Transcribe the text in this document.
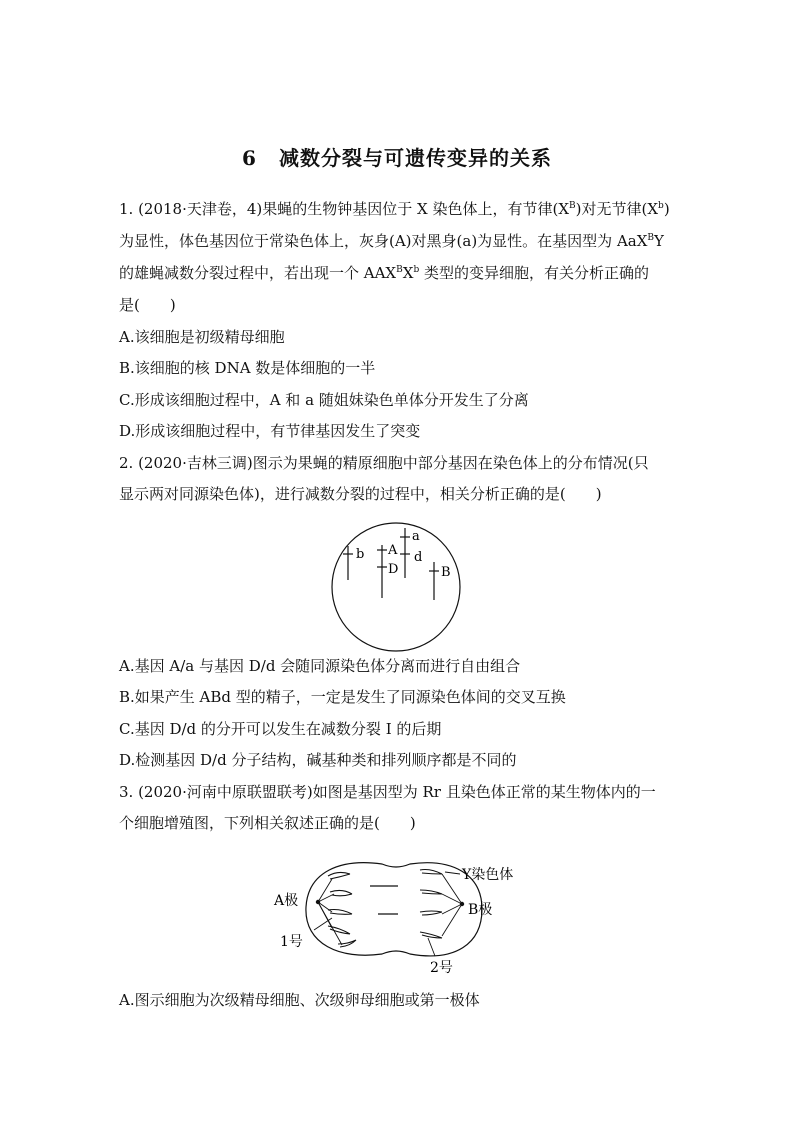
6 减数分裂与可遗传变异的关系
1. (2018·天津卷，4)果蝇的生物钟基因位于 X 染色体上，有节律$(X^B)$对无节律$(X^b)$
为显性，体色基因位于常染色体上，灰身(A)对黑身(a)为显性。在基因型为 AaX$^B$Y
的雄蝇减数分裂过程中，若出现一个 $AAX^BX^b$ 类型的变异细胞，有关分析正确的
是(　　)
A.该细胞是初级精母细胞
B.该细胞的核 DNA 数是体细胞的一半
C.形成该细胞过程中，A 和 a 随姐妹染色单体分开发生了分离
D.形成该细胞过程中，有节律基因发生了突变
2. (2020·吉林三调)图示为果蝇的精原细胞中部分基因在染色体上的分布情况(只
显示两对同源染色体)，进行减数分裂的过程中，相关分析正确的是(　　)
b A
D
a
d
B
A.基因 A/a 与基因 D/d 会随同源染色体分离而进行自由组合
B.如果产生 ABd 型的精子，一定是发生了同源染色体间的交叉互换
C.基因 D/d 的分开可以发生在减数分裂 Ⅰ 的后期
D.检测基因 D/d 分子结构，碱基种类和排列顺序都是不同的
3. (2020·河南中原联盟联考)如图是基因型为 Rr 且染色体正常的某生物体内的一
个细胞增殖图，下列相关叙述正确的是(　　)
Y染色体
A极
B极
1号
2号
A.图示细胞为次级精母细胞、次级卵母细胞或第一极体
